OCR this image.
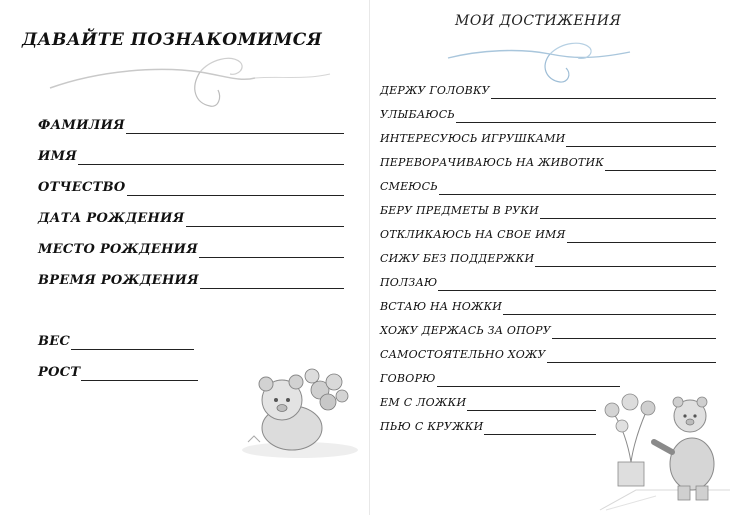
ДАВАЙТЕ ПОЗНАКОМИМСЯ
ФАМИЛИЯ
ИМЯ
ОТЧЕСТВО
ДАТА РОЖДЕНИЯ
МЕСТО РОЖДЕНИЯ
ВРЕМЯ РОЖДЕНИЯ
ВЕС
РОСТ
МОИ ДОСТИЖЕНИЯ
ДЕРЖУ ГОЛОВКУ
УЛЫБАЮСЬ
ИНТЕРЕСУЮСЬ ИГРУШКАМИ
ПЕРЕВОРАЧИВАЮСЬ НА ЖИВОТИК
СМЕЮСЬ
БЕРУ ПРЕДМЕТЫ В РУКИ
ОТКЛИКАЮСЬ НА СВОЕ ИМЯ
СИЖУ БЕЗ ПОДДЕРЖКИ
ПОЛЗАЮ
ВСТАЮ НА НОЖКИ
ХОЖУ ДЕРЖАСЬ ЗА ОПОРУ
САМОСТОЯТЕЛЬНО ХОЖУ
ГОВОРЮ
ЕМ С ЛОЖКИ
ПЬЮ С КРУЖКИ
